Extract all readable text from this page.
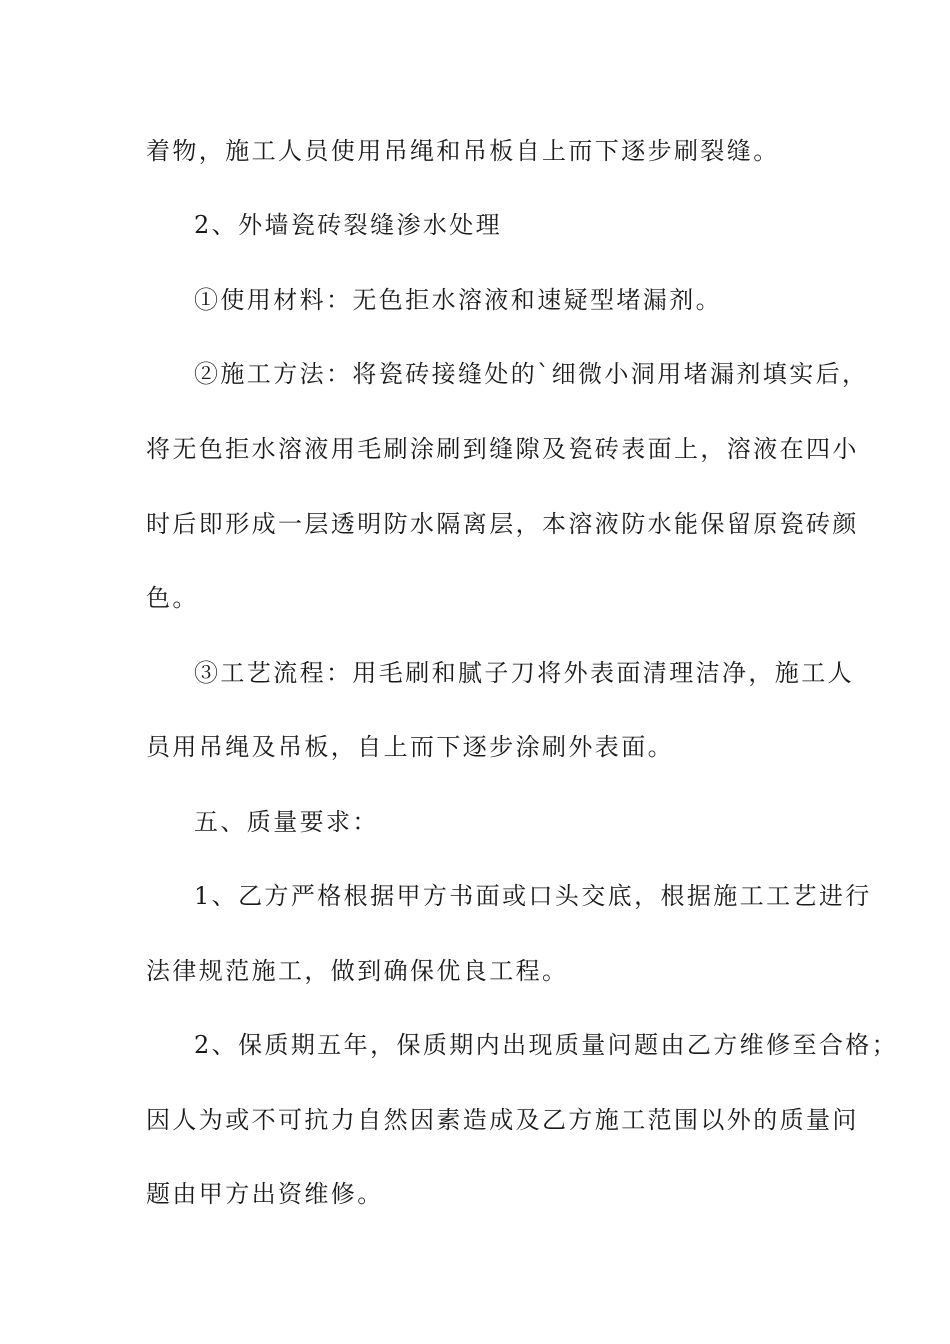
着物，施工人员使用吊绳和吊板自上而下逐步刷裂缝。
2、外墙瓷砖裂缝渗水处理
①使用材料：无色拒水溶液和速疑型堵漏剂。
②施工方法：将瓷砖接缝处的`细微小洞用堵漏剂填实后，
将无色拒水溶液用毛刷涂刷到缝隙及瓷砖表面上，溶液在四小
时后即形成一层透明防水隔离层，本溶液防水能保留原瓷砖颜
色。
③工艺流程：用毛刷和腻子刀将外表面清理洁净，施工人
员用吊绳及吊板，自上而下逐步涂刷外表面。
五、质量要求：
1、乙方严格根据甲方书面或口头交底，根据施工工艺进行
法律规范施工，做到确保优良工程。
2、保质期五年，保质期内出现质量问题由乙方维修至合格；
因人为或不可抗力自然因素造成及乙方施工范围以外的质量问
题由甲方出资维修。
